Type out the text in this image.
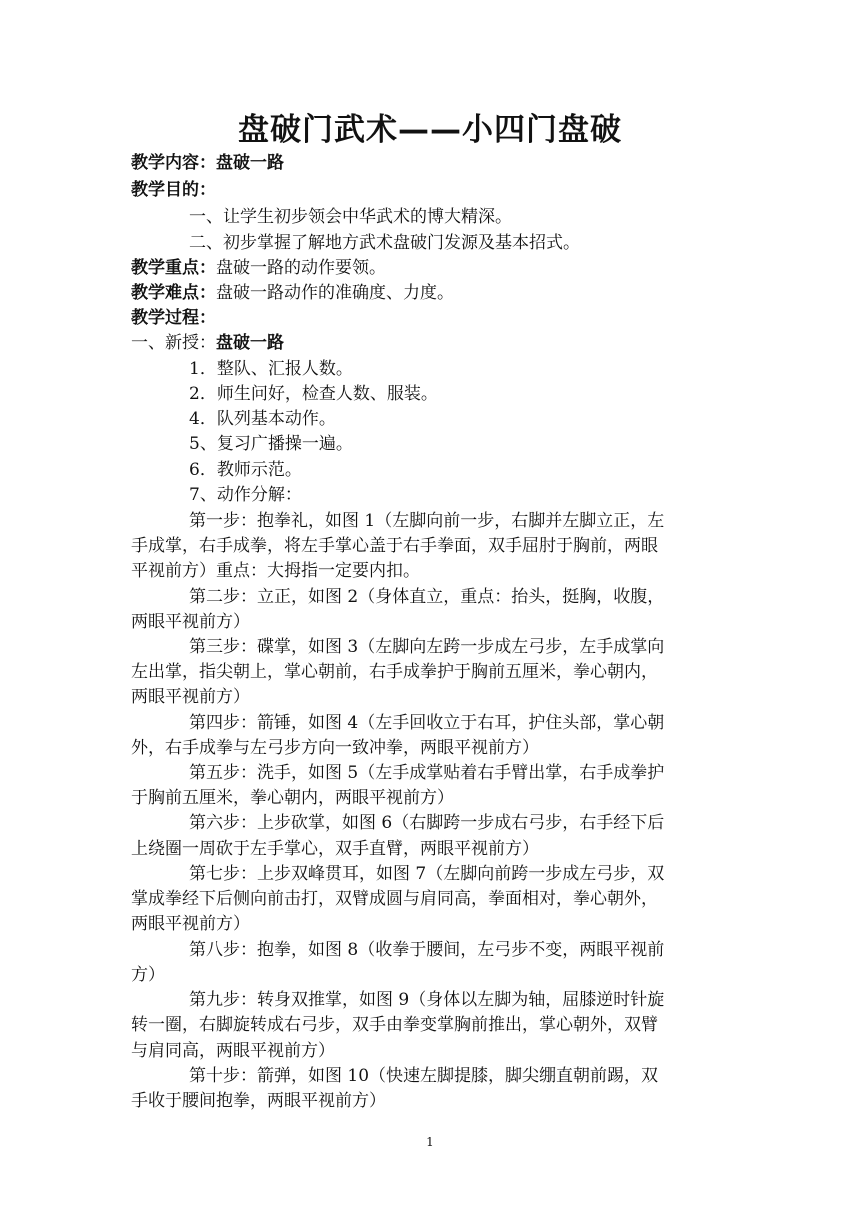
盘破门武术——小四门盘破
教学内容：盘破一路
教学目的：
一、让学生初步领会中华武术的博大精深。
二、初步掌握了解地方武术盘破门发源及基本招式。
教学重点：盘破一路的动作要领。
教学难点：盘破一路动作的准确度、力度。
教学过程：
一、新授：盘破一路
1．整队、汇报人数。
2．师生问好，检查人数、服装。
4．队列基本动作。
5、复习广播操一遍。
6．教师示范。
7、动作分解：
第一步：抱拳礼，如图 1（左脚向前一步，右脚并左脚立正，左
手成掌，右手成拳，将左手掌心盖于右手拳面，双手屈肘于胸前，两眼
平视前方）重点：大拇指一定要内扣。
第二步：立正，如图 2（身体直立，重点：抬头，挺胸，收腹，
两眼平视前方）
第三步：碟掌，如图 3（左脚向左跨一步成左弓步，左手成掌向
左出掌，指尖朝上，掌心朝前，右手成拳护于胸前五厘米，拳心朝内，
两眼平视前方）
第四步：箭锤，如图 4（左手回收立于右耳，护住头部，掌心朝
外，右手成拳与左弓步方向一致冲拳，两眼平视前方）
第五步：洗手，如图 5（左手成掌贴着右手臂出掌，右手成拳护
于胸前五厘米，拳心朝内，两眼平视前方）
第六步：上步砍掌，如图 6（右脚跨一步成右弓步，右手经下后
上绕圈一周砍于左手掌心，双手直臂，两眼平视前方）
第七步：上步双峰贯耳，如图 7（左脚向前跨一步成左弓步，双
掌成拳经下后侧向前击打，双臂成圆与肩同高，拳面相对，拳心朝外，
两眼平视前方）
第八步：抱拳，如图 8（收拳于腰间，左弓步不变，两眼平视前
方）
第九步：转身双推掌，如图 9（身体以左脚为轴，屈膝逆时针旋
转一圈，右脚旋转成右弓步，双手由拳变掌胸前推出，掌心朝外，双臂
与肩同高，两眼平视前方）
第十步：箭弹，如图 10（快速左脚提膝，脚尖绷直朝前踢，双
手收于腰间抱拳，两眼平视前方）
1
